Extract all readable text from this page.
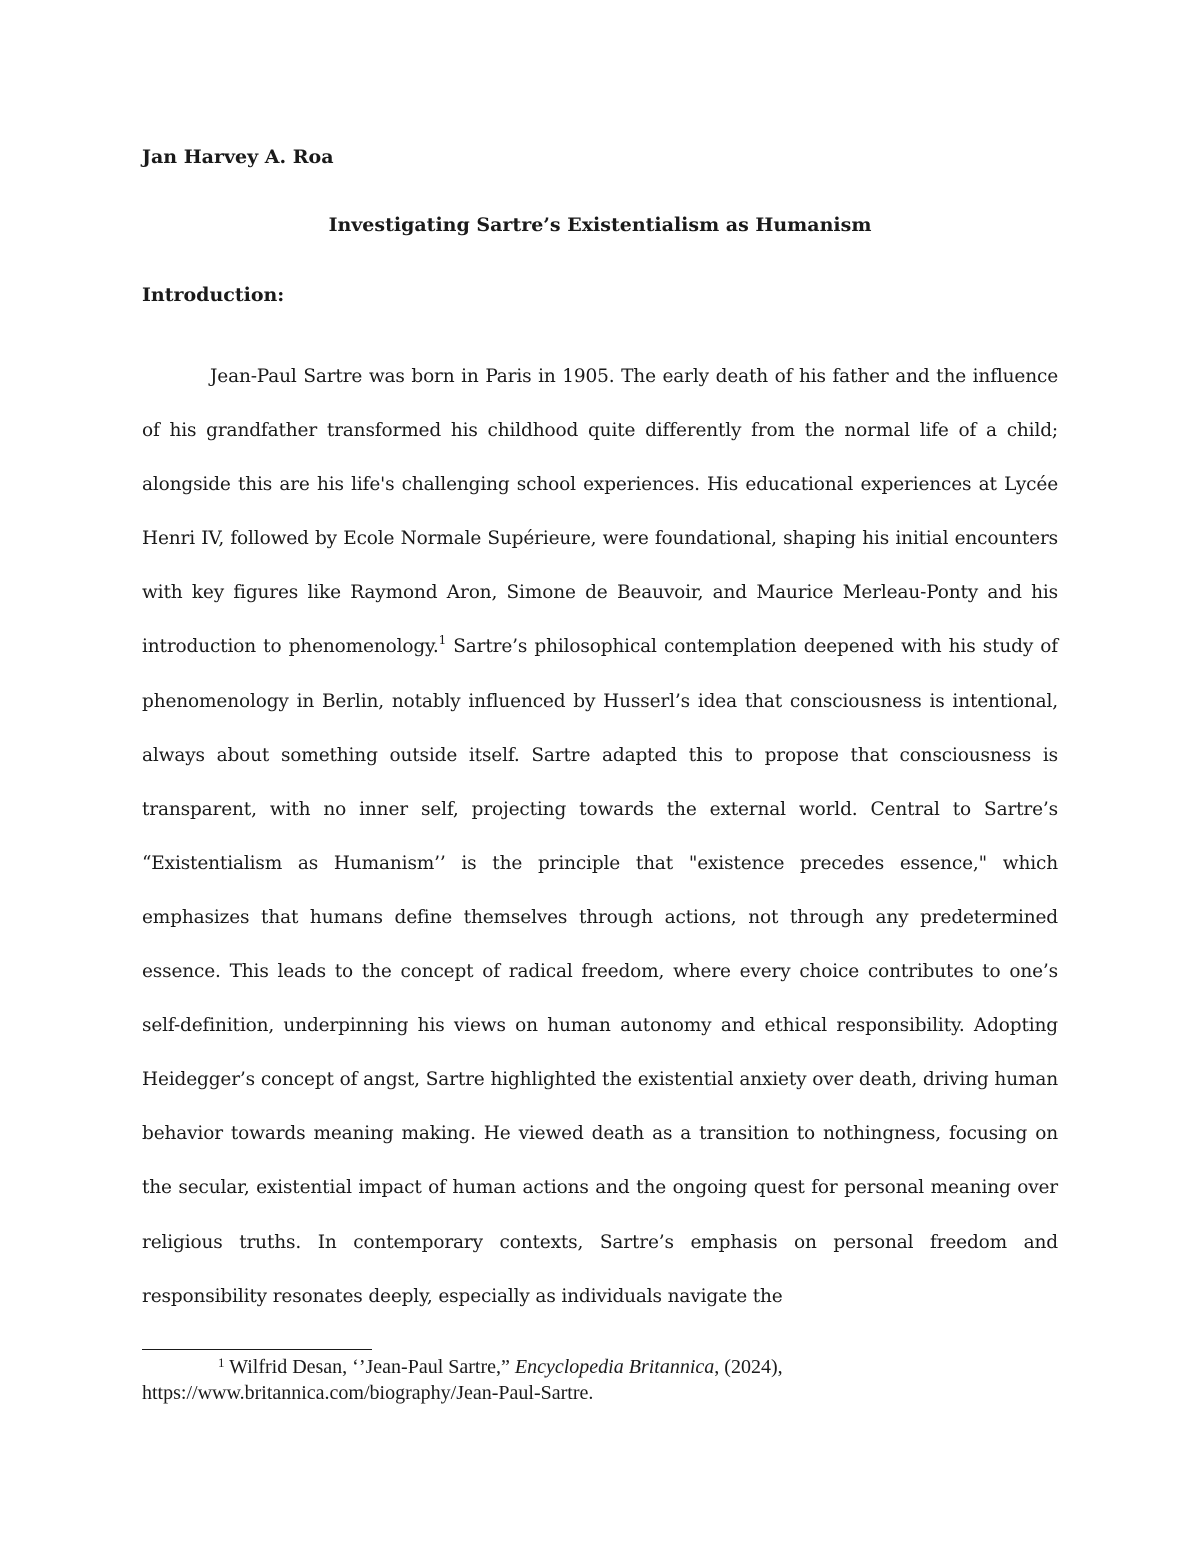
Jan Harvey A. Roa
Investigating Sartre’s Existentialism as Humanism
Introduction:

Jean-Paul Sartre was born in Paris in 1905. The early death of his father and the influence of his grandfather transformed his childhood quite differently from the normal life of a child; alongside this are his life's challenging school experiences. His educational experiences at Lycée Henri IV, followed by Ecole Normale Supérieure, were foundational, shaping his initial encounters with key figures like Raymond Aron, Simone de Beauvoir, and Maurice Merleau-Ponty and his introduction to phenomenology.$^1$ Sartre’s philosophical contemplation deepened with his study of phenomenology in Berlin, notably influenced by Husserl’s idea that consciousness is intentional, always about something outside itself. Sartre adapted this to propose that consciousness is transparent, with no inner self, projecting towards the external world. Central to Sartre’s “Existentialism as Humanism’’ is the principle that "existence precedes essence," which emphasizes that humans define themselves through actions, not through any predetermined essence. This leads to the concept of radical freedom, where every choice contributes to one’s self-definition, underpinning his views on human autonomy and ethical responsibility. Adopting Heidegger’s concept of angst, Sartre highlighted the existential anxiety over death, driving human behavior towards meaning making. He viewed death as a transition to nothingness, focusing on the secular, existential impact of human actions and the ongoing quest for personal meaning over religious truths. In contemporary contexts, Sartre’s emphasis on personal freedom and responsibility resonates deeply, especially as individuals navigate the

$^1$ Wilfrid Desan, ‘’Jean-Paul Sartre,” Encyclopedia Britannica, (2024), https://www.britannica.com/biography/Jean-Paul-Sartre.
